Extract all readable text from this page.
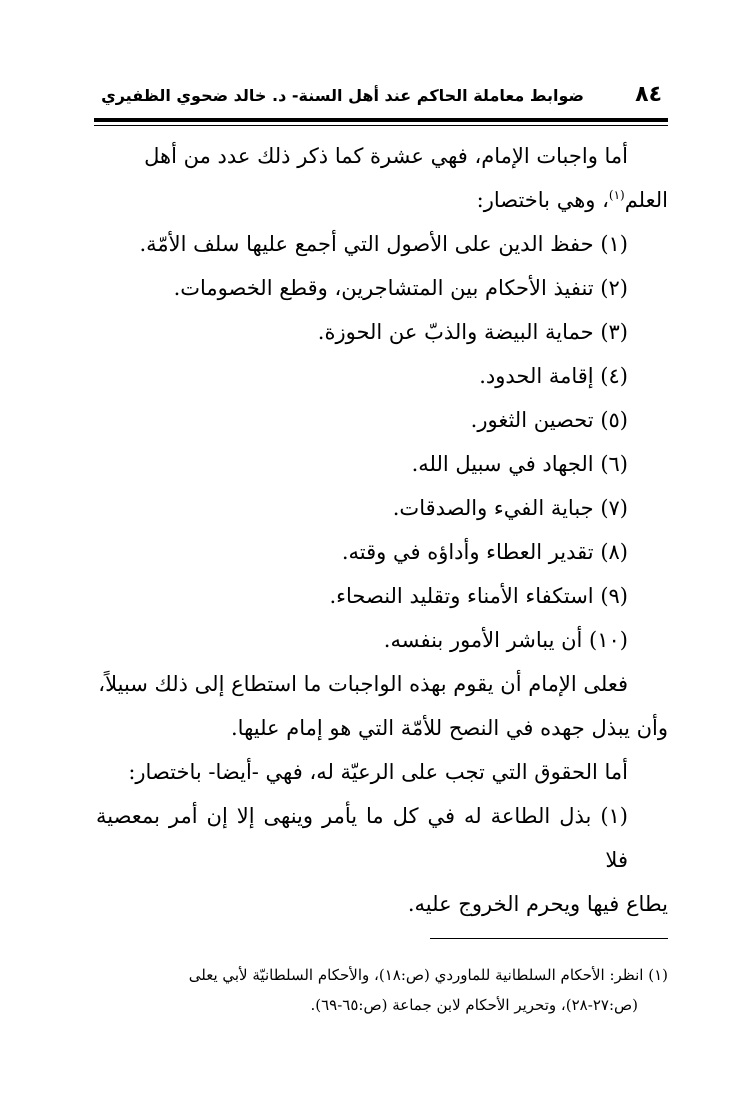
٨٤
ضوابط معاملة الحاكم عند أهل السنة- د. خالد ضحوي الظفيري

أما واجبات الإمام، فهي عشرة كما ذكر ذلك عدد من أهل

العلم$^{(١)}$، وهي باختصار:

(١) حفظ الدين على الأصول التي أجمع عليها سلف الأمّة.

(٢) تنفيذ الأحكام بين المتشاجرين، وقطع الخصومات.

(٣) حماية البيضة والذبّ عن الحوزة.

(٤) إقامة الحدود.

(٥) تحصين الثغور.

(٦) الجهاد في سبيل الله.

(٧) جباية الفيء والصدقات.

(٨) تقدير العطاء وأداؤه في وقته.

(٩) استكفاء الأمناء وتقليد النصحاء.

(١٠) أن يباشر الأمور بنفسه.

فعلى الإمام أن يقوم بهذه الواجبات ما استطاع إلى ذلك سبيلاً،

وأن يبذل جهده في النصح للأمّة التي هو إمام عليها.

أما الحقوق التي تجب على الرعيّة له، فهي -أيضا- باختصار:

(١) بذل الطاعة له في كل ما يأمر وينهى إلا إن أمر بمعصية فلا

يطاع فيها ويحرم الخروج عليه.

(١) انظر: الأحكام السلطانية للماوردي (ص:١٨)، والأحكام السلطانيّة لأبي يعلى

(ص:٢٧-٢٨)، وتحرير الأحكام لابن جماعة (ص:٦٥-٦٩).
